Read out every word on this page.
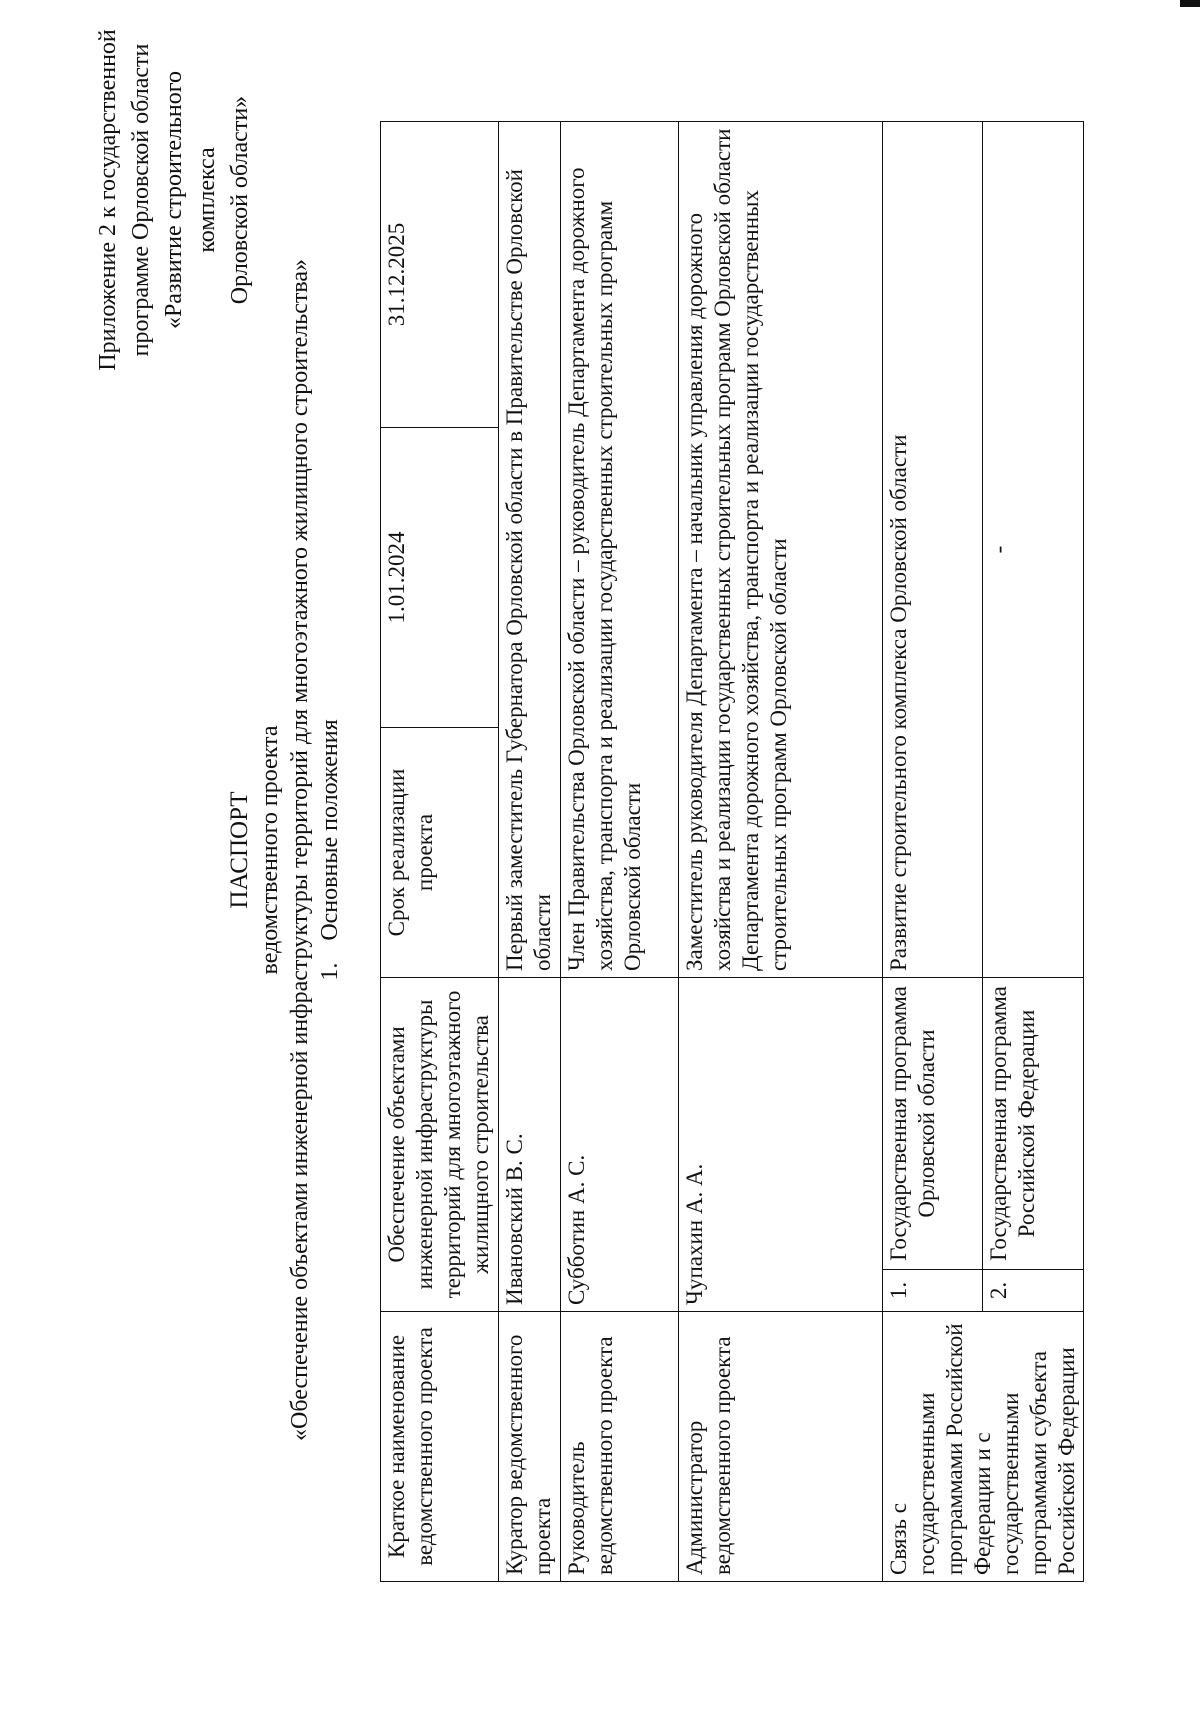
Приложение 2 к государственной программе Орловской области «Развитие строительного комплекса Орловской области»
ПАСПОРТ ведомственного проекта «Обеспечение объектами инженерной инфраструктуры территорий для многоэтажного жилищного строительства» 1.Основные положения
Краткое наименование ведомственного проекта	Обеспечение объектами инженерной инфраструктуры территорий для многоэтажного жилищного строительства		Срок реализации проекта	1.01.2024	31.12.2025
Куратор ведомственного проекта	Ивановский В. С.		Первый заместитель Губернатора Орловской области в Правительстве Орловской области		
Руководитель ведомственного проекта	Субботин А. С.		Член Правительства Орловской области – руководитель Департамента дорожного хозяйства, транспорта и реализации государственных строительных программ Орловской области		
Администратор ведомственного проекта	Чупахин А. А.		Заместитель руководителя Департамента – начальник управления дорожного хозяйства и реализации государственных строительных программ Орловской области Департамента дорожного хозяйства, транспорта и реализации государственных строительных программ Орловской области		
Связь с государственными программами Российской Федерации и с государственными программами субъекта Российской Федерации	1.	Государственная программа Орловской области	Развитие строительного комплекса Орловской области		
	2.	Государственная программа Российской Федерации	-		
